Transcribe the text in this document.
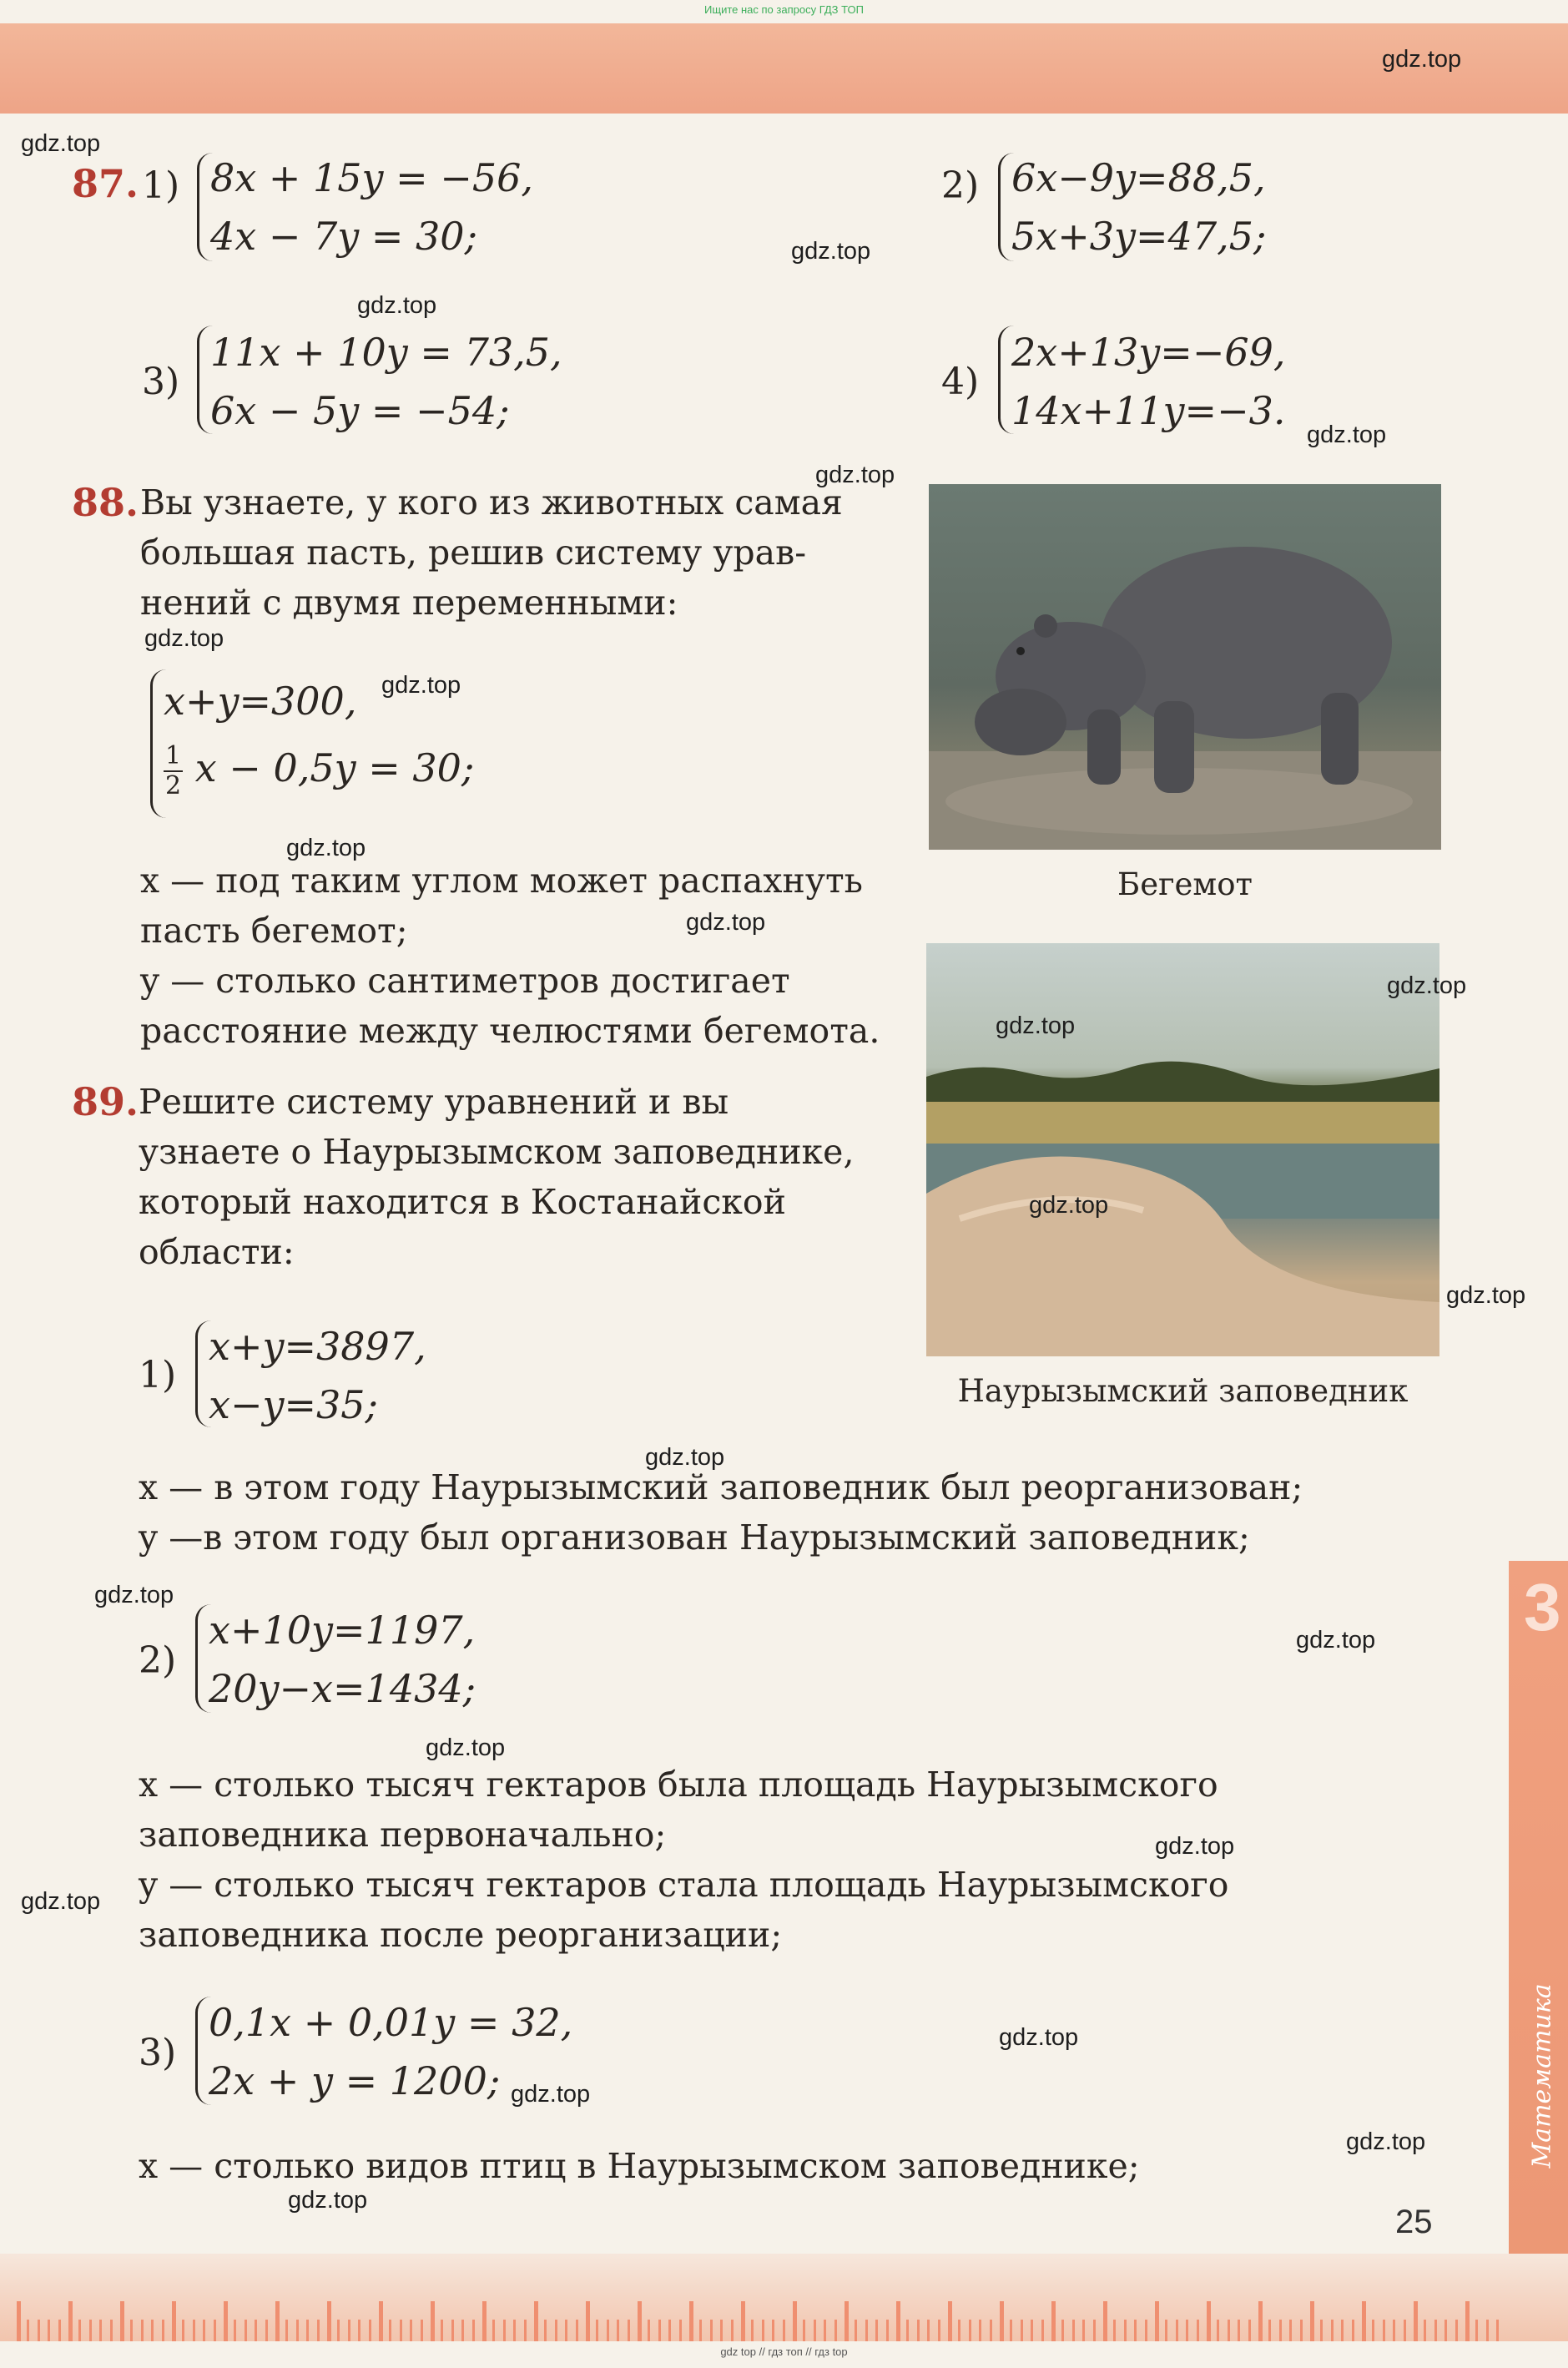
Ищите нас по запросу ГДЗ ТОП
87. 1) 8x + 15y = −56,
4x − 7y = 30;
2) 6x−9y=88,5,
5x+3y=47,5;
3)
11x + 10y = 73,5,
6x − 5y = −54;
4)
2x+13y=−69,
14x+11y=−3.
88. Вы узнаете, у кого из животных самая
большая пасть, решив систему урав-
нений с двумя переменными:
x+y=300,
$\frac{1}{2}$ x − 0,5y = 30;
x — под таким углом может распахнуть
пасть бегемот;
y — столько сантиметров достигает
расстояние между челюстями бегемота.
Бегемот
Наурызымский заповедник
89. Решите систему уравнений и вы
узнаете о Наурызымском заповеднике,
который находится в Костанайской
области:
1)
x+y=3897,
x−y=35;
x — в этом году Наурызымский заповедник был реорганизован;
y —в этом году был организован Наурызымский заповедник;
2)
x+10y=1197,
20y−x=1434;
x — столько тысяч гектаров была площадь Наурызымского
заповедника первоначально;
y — столько тысяч гектаров стала площадь Наурызымского
заповедника после реорганизации;
3)
0,1x + 0,01y = 32,
2x + y = 1200;
x — столько видов птиц в Наурызымском заповеднике;
25
3
Математика
gdz top // гдз топ // гдз top
gdz.top
gdz.top
gdz.top
gdz.top
gdz.top
gdz.top
gdz.top
gdz.top
gdz.top
gdz.top
gdz.top
gdz.top
gdz.top
gdz.top
gdz.top
gdz.top
gdz.top
gdz.top
gdz.top
gdz.top
gdz.top
gdz.top
gdz.top
gdz.top
